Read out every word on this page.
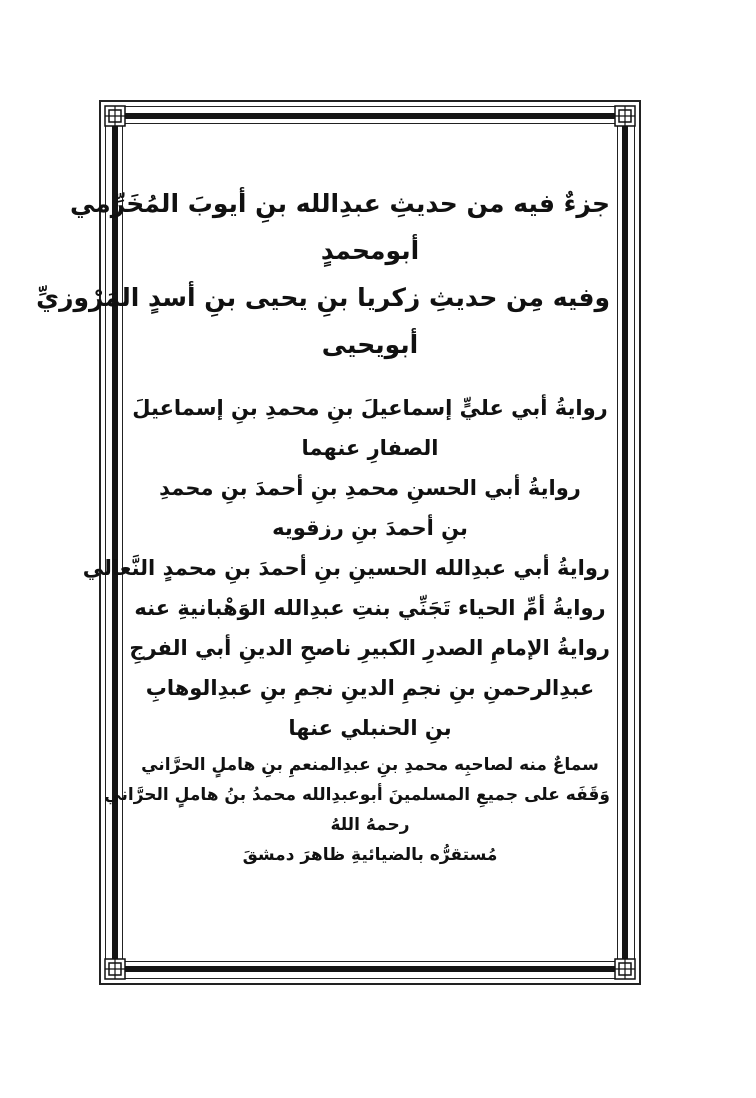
جزءٌ فيه من حديثِ عبدِالله بنِ أيوبَ المُخَرِّمي
أبومحمدٍ
وفيه مِن حديثِ زكريا بنِ يحيى بنِ أسدٍ المَرْوزيِّ
أبويحيى
روايةُ أبي عليٍّ إسماعيلَ بنِ محمدِ بنِ إسماعيلَ
الصفارِ عنهما
روايةُ أبي الحسنِ محمدِ بنِ أحمدَ بنِ محمدِ
بنِ أحمدَ بنِ رزقويه
روايةُ أبي عبدِالله الحسينِ بنِ أحمدَ بنِ محمدٍ النَّعالي
روايةُ أمِّ الحياء تَجَنِّي بنتِ عبدِالله الوَهْبانيةِ عنه
روايةُ الإمامِ الصدرِ الكبيرِ ناصحِ الدينِ أبي الفرجِ
عبدِالرحمنِ بنِ نجمِ الدينِ نجمِ بنِ عبدِالوهابِ
بنِ الحنبلي عنها
سماعٌ منه لصاحبِه محمدِ بنِ عبدِالمنعمِ بنِ هاملٍ الحرَّاني
وَقَفَه على جميعِ المسلمينَ أبوعبدِالله محمدُ بنُ هاملٍ الحرَّاني
رحمهُ اللهُ
مُستقرُّه بالضيائيةِ ظاهرَ دمشقَ
